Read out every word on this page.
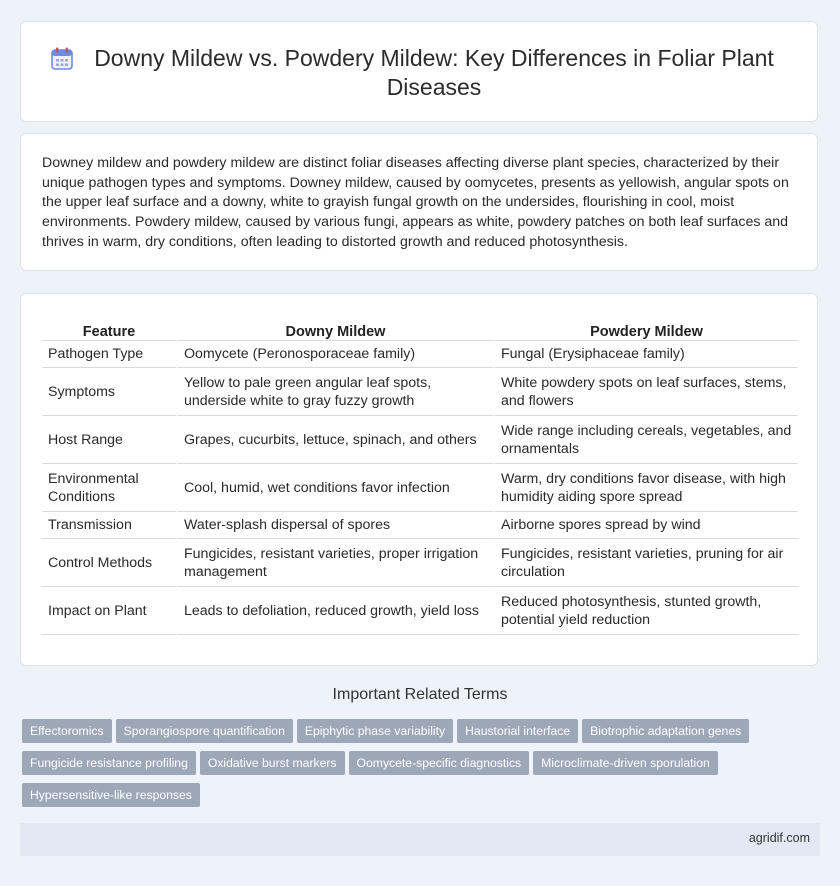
Downy Mildew vs. Powdery Mildew: Key Differences in Foliar Plant Diseases

Downey mildew and powdery mildew are distinct foliar diseases affecting diverse plant species, characterized by their unique pathogen types and symptoms. Downey mildew, caused by oomycetes, presents as yellowish, angular spots on the upper leaf surface and a downy, white to grayish fungal growth on the undersides, flourishing in cool, moist environments. Powdery mildew, caused by various fungi, appears as white, powdery patches on both leaf surfaces and thrives in warm, dry conditions, often leading to distorted growth and reduced photosynthesis.

Feature	Downy Mildew	Powdery Mildew
Pathogen Type	Oomycete (Peronosporaceae family)	Fungal (Erysiphaceae family)
Symptoms	Yellow to pale green angular leaf spots, underside white to gray fuzzy growth	White powdery spots on leaf surfaces, stems, and flowers
Host Range	Grapes, cucurbits, lettuce, spinach, and others	Wide range including cereals, vegetables, and ornamentals
Environmental Conditions	Cool, humid, wet conditions favor infection	Warm, dry conditions favor disease, with high humidity aiding spore spread
Transmission	Water-splash dispersal of spores	Airborne spores spread by wind
Control Methods	Fungicides, resistant varieties, proper irrigation management	Fungicides, resistant varieties, pruning for air circulation
Impact on Plant	Leads to defoliation, reduced growth, yield loss	Reduced photosynthesis, stunted growth, potential yield reduction
Important Related Terms
Effectoromics Sporangiospore quantification Epiphytic phase variability Haustorial interface Biotrophic adaptation genes
Fungicide resistance profiling Oxidative burst markers Oomycete-specific diagnostics Microclimate-driven sporulation
Hypersensitive-like responses
agridif.com
